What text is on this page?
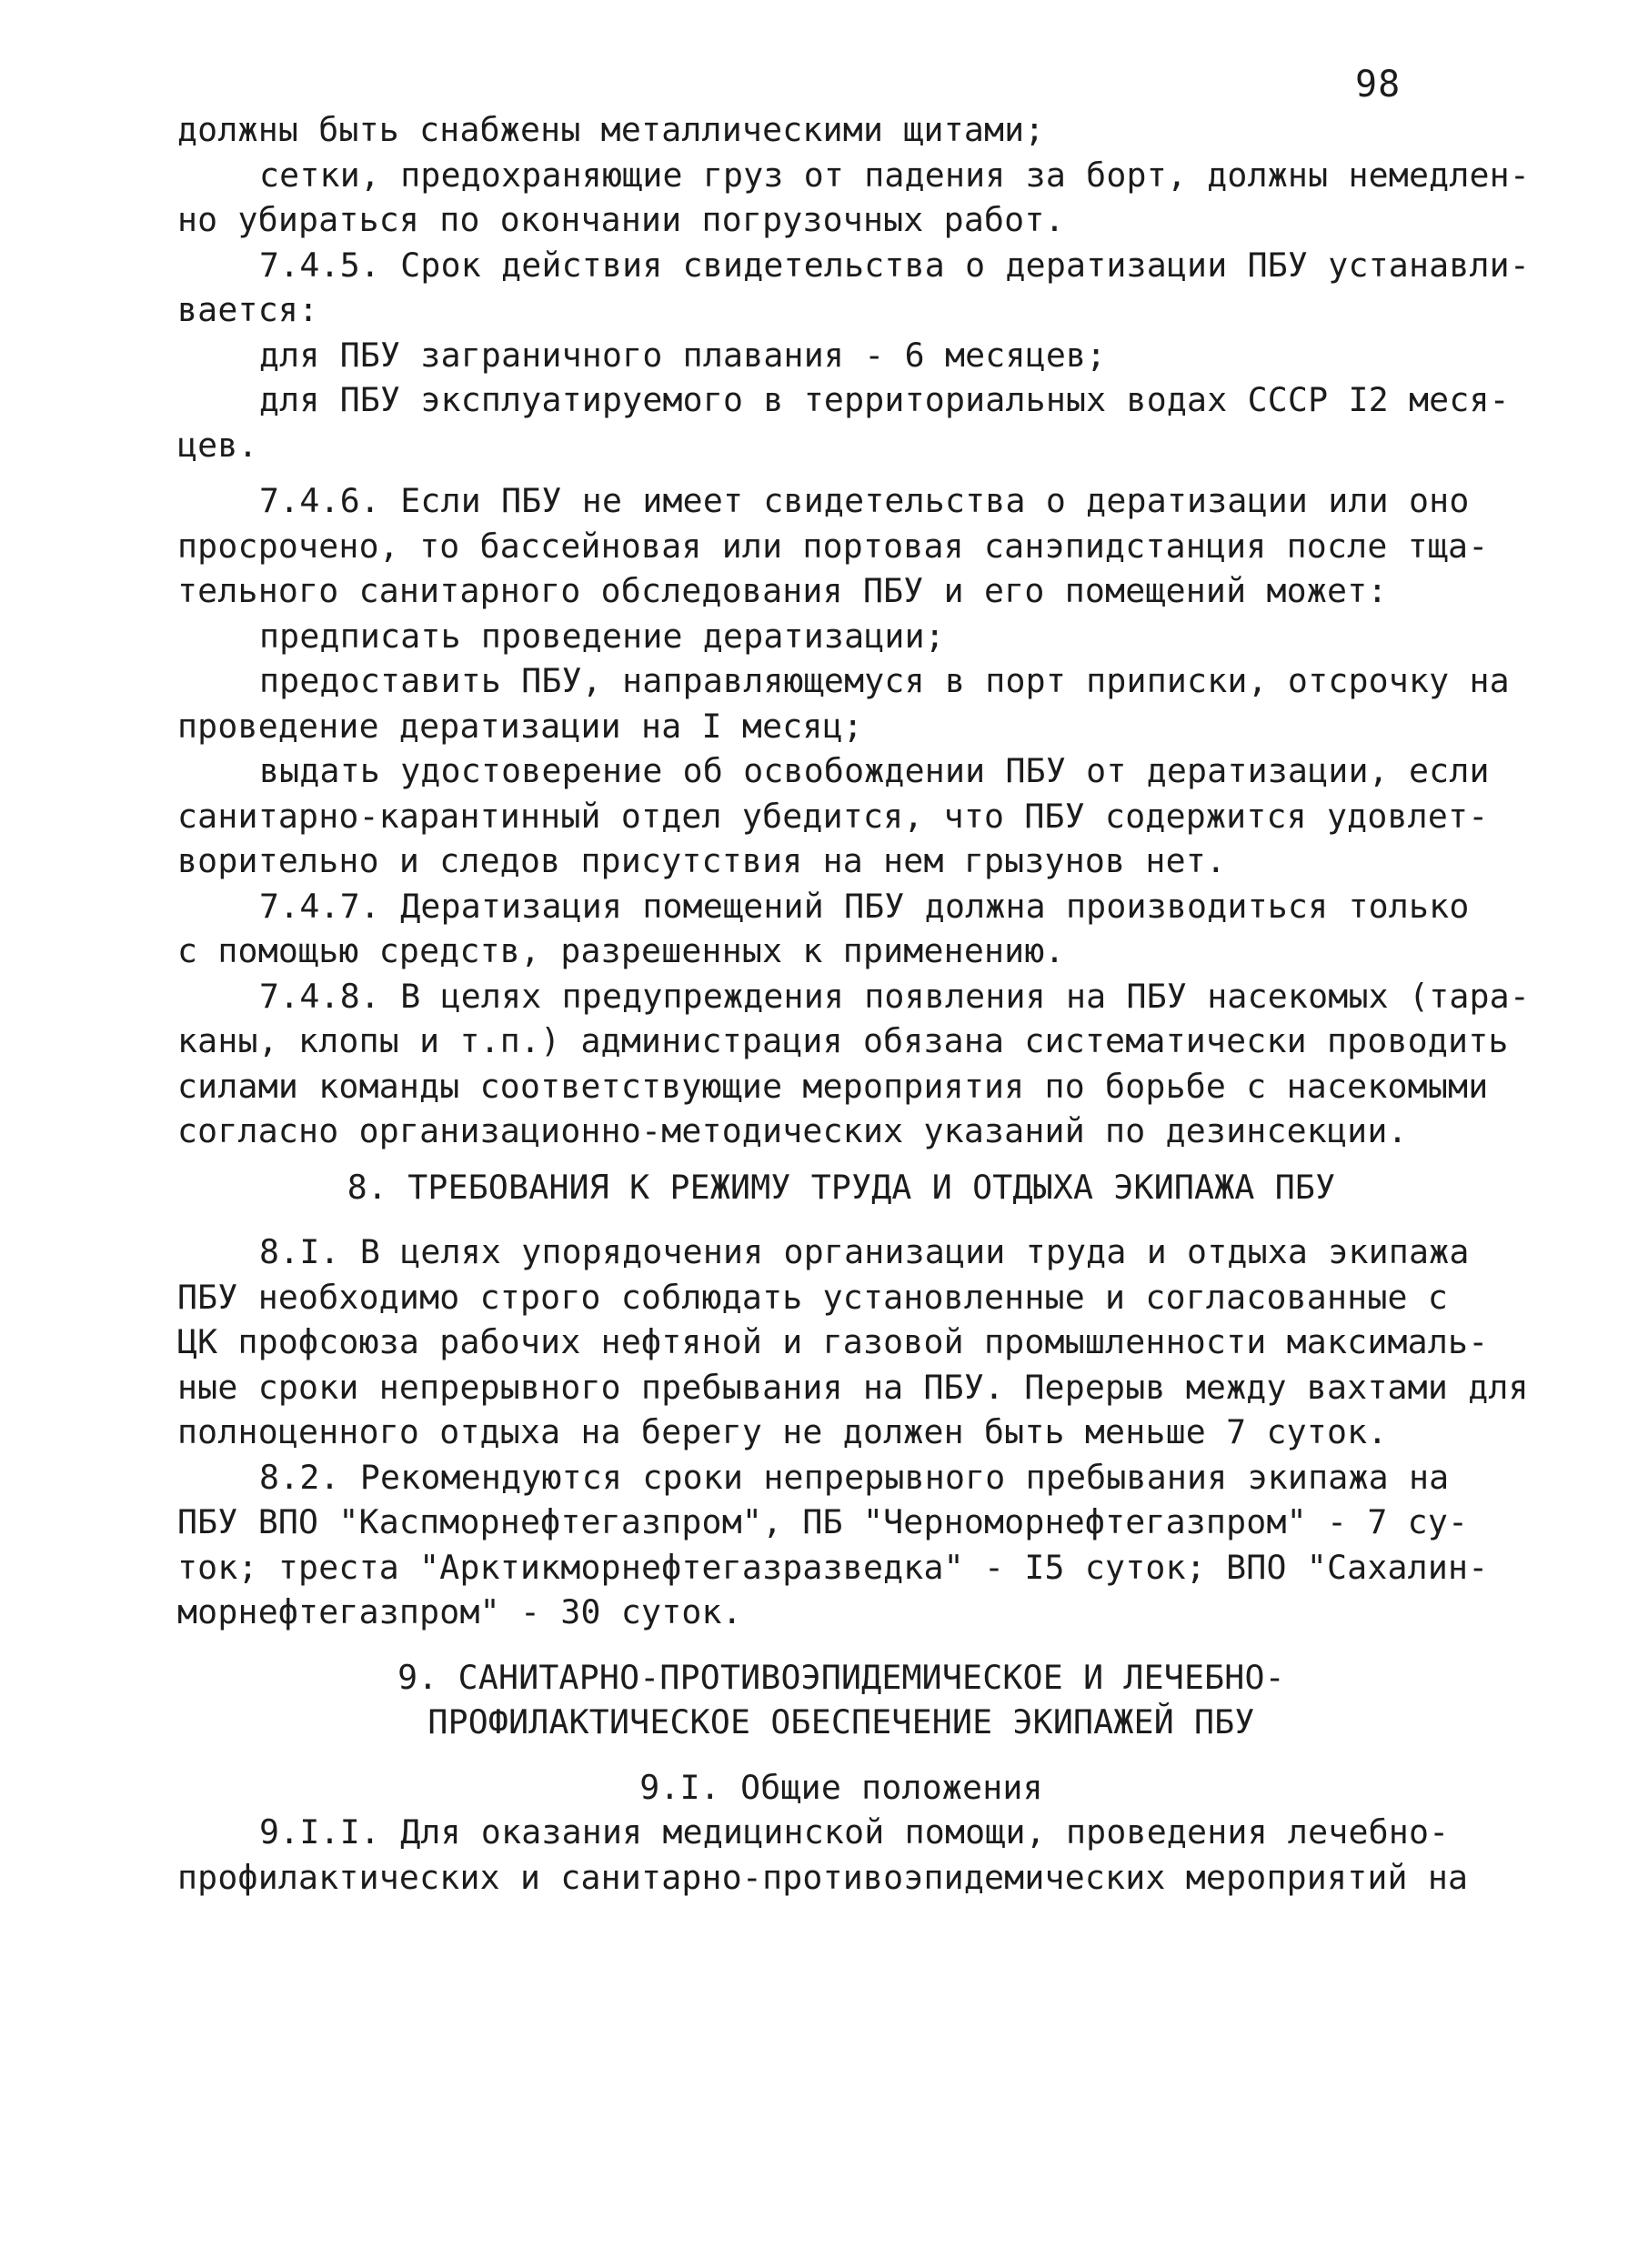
98
должны быть снабжены металлическими щитами;
сетки, предохраняющие груз от падения за борт, должны немедлен-
но убираться по окончании погрузочных работ.
7.4.5. Срок действия свидетельства о дератизации ПБУ устанавли-
вается:
для ПБУ заграничного плавания - 6 месяцев;
для ПБУ эксплуатируемого в территориальных водах СССР I2 меся-
цев.
7.4.6. Если ПБУ не имеет свидетельства о дератизации или оно
просрочено, то бассейновая или портовая санэпидстанция после тща-
тельного санитарного обследования ПБУ и его помещений может:
предписать проведение дератизации;
предоставить ПБУ, направляющемуся в порт приписки, отсрочку на
проведение дератизации на I месяц;
выдать удостоверение об освобождении ПБУ от дератизации, если
санитарно-карантинный отдел убедится, что ПБУ содержится удовлет-
ворительно и следов присутствия на нем грызунов нет.
7.4.7. Дератизация помещений ПБУ должна производиться только
с помощью средств, разрешенных к применению.
7.4.8. В целях предупреждения появления на ПБУ насекомых (тара-
каны, клопы и т.п.) администрация обязана систематически проводить
силами команды соответствующие мероприятия по борьбе с насекомыми
согласно организационно-методических указаний по дезинсекции.
8. ТРЕБОВАНИЯ К РЕЖИМУ ТРУДА И ОТДЫХА ЭКИПАЖА ПБУ
8.I. В целях упорядочения организации труда и отдыха экипажа
ПБУ необходимо строго соблюдать установленные и согласованные с
ЦК профсоюза рабочих нефтяной и газовой промышленности максималь-
ные сроки непрерывного пребывания на ПБУ. Перерыв между вахтами для
полноценного отдыха на берегу не должен быть меньше 7 суток.
8.2. Рекомендуются сроки непрерывного пребывания экипажа на
ПБУ ВПО "Каспморнефтегазпром", ПБ "Черноморнефтегазпром" - 7 су-
ток; треста "Арктикморнефтегазразведка" - I5 суток; ВПО "Сахалин-
морнефтегазпром" - 30 суток.
9. САНИТАРНО-ПРОТИВОЭПИДЕМИЧЕСКОЕ И ЛЕЧЕБНО-
ПРОФИЛАКТИЧЕСКОЕ ОБЕСПЕЧЕНИЕ ЭКИПАЖЕЙ ПБУ
9.I. Общие положения
9.I.I. Для оказания медицинской помощи, проведения лечебно-
профилактических и санитарно-противоэпидемических мероприятий на
